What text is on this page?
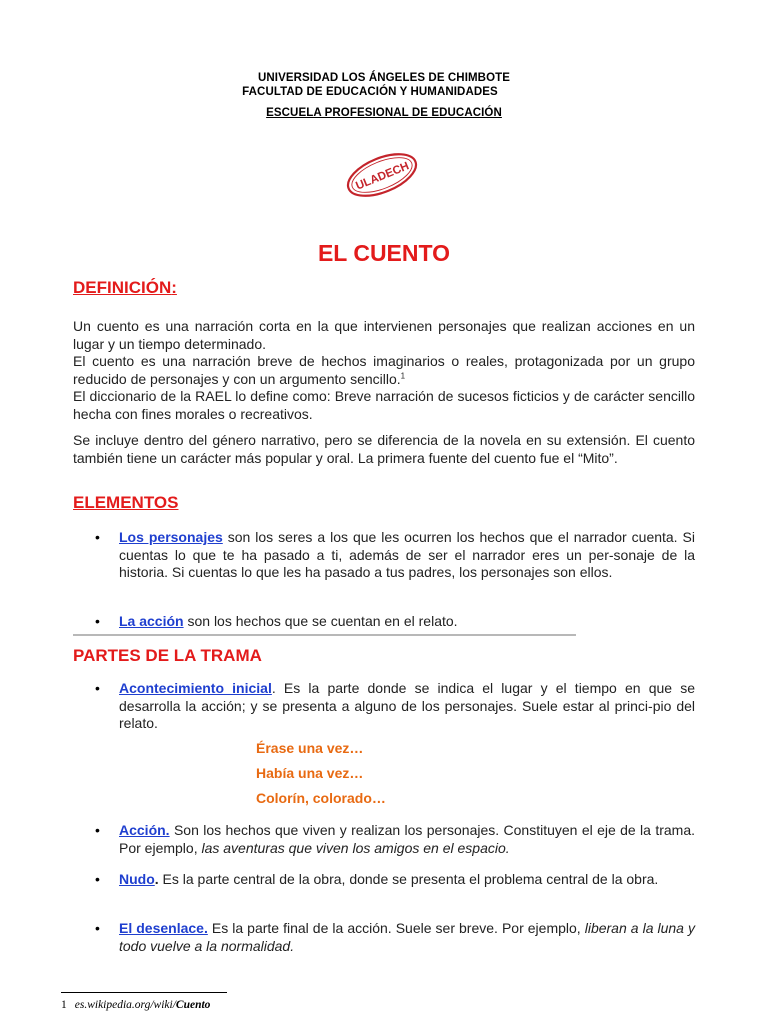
UNIVERSIDAD LOS ÁNGELES DE CHIMBOTE
FACULTAD DE EDUCACIÓN Y HUMANIDADES
ESCUELA PROFESIONAL DE EDUCACIÓN
ULADECH
EL CUENTO
DEFINICIÓN:
Un cuento es una narración corta en la que intervienen personajes que realizan acciones en un lugar y un tiempo determinado.
El cuento es una narración breve de hechos imaginarios o reales, protagonizada por un grupo reducido de personajes y con un argumento sencillo.$^1$
El diccionario de la RAEL lo define como: Breve narración de sucesos ficticios y de carácter sencillo hecha con fines morales o recreativos.
Se incluye dentro del género narrativo, pero se diferencia de la novela en su extensión. El cuento también tiene un carácter más popular y oral. La primera fuente del cuento fue el “Mito”.
ELEMENTOS
•	Los personajes son los seres a los que les ocurren los hechos que el narrador cuenta. Si cuentas lo que te ha pasado a ti, además de ser el narrador eres un per-sonaje de la historia. Si cuentas lo que les ha pasado a tus padres, los personajes son ellos.
•	La acción son los hechos que se cuentan en el relato.
PARTES DE LA TRAMA
•	Acontecimiento inicial. Es la parte donde se indica el lugar y el tiempo en que se desarrolla la acción; y se presenta a alguno de los personajes. Suele estar al princi-pio del relato.
Érase una vez…
Había una vez…
Colorín, colorado…
•	Acción. Son los hechos que viven y realizan los personajes. Constituyen el eje de la trama. Por ejemplo, las aventuras que viven los amigos en el espacio.
•	Nudo. Es la parte central de la obra, donde se presenta el problema central de la obra.
•	El desenlace. Es la parte final de la acción. Suele ser breve. Por ejemplo, liberan a la luna y todo vuelve a la normalidad.
1 es.wikipedia.org/wiki/Cuento
